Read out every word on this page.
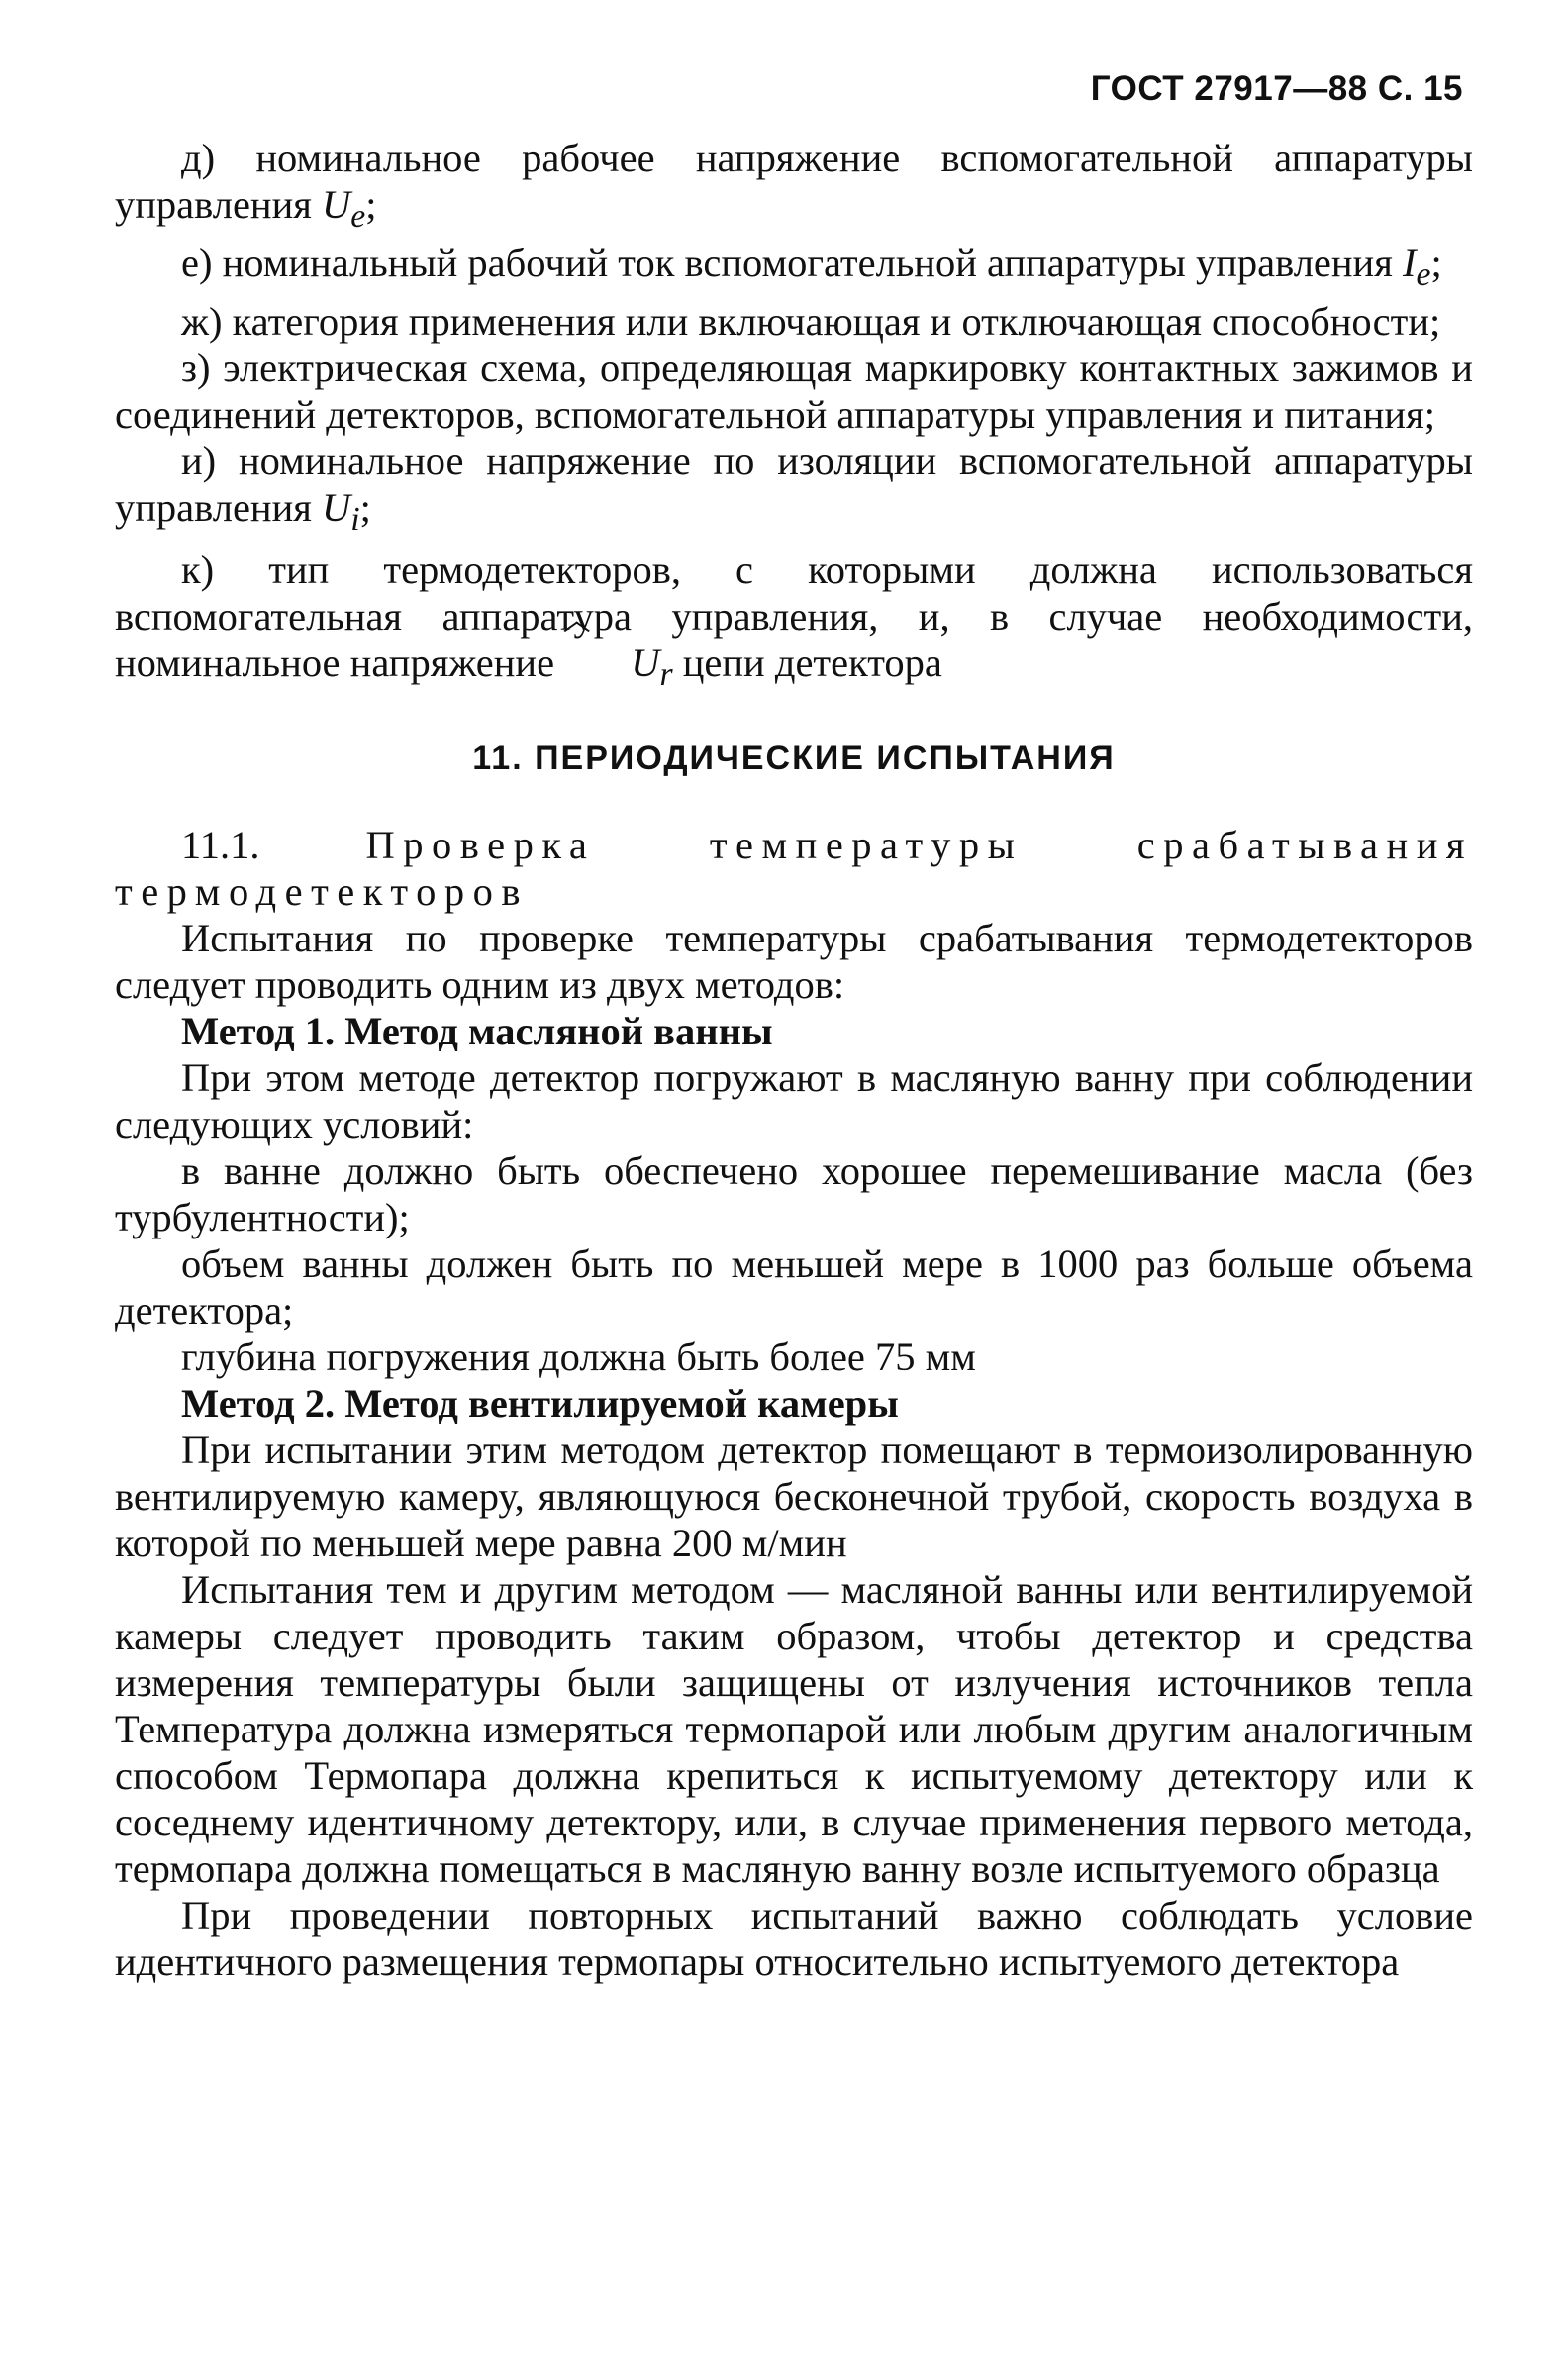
ГОСТ 27917—88 С. 15

д) номинальное рабочее напряжение вспомогательной аппаратуры управления $U_e$;

е) номинальный рабочий ток вспомогательной аппаратуры управления $I_e$;

ж) категория применения или включающая и отключающая способности;

з) электрическая схема, определяющая маркировку контактных зажимов и соединений детекторов, вспомогательной аппаратуры управления и питания;

и) номинальное напряжение по изоляции вспомогательной аппаратуры управления $U_i$;

к) тип термодетекторов, с которыми должна использоваться вспомогательная аппаратура управления, и, в случае необходимости, номинальное напряжение $U_r$ цепи детектора

11. ПЕРИОДИЧЕСКИЕ ИСПЫТАНИЯ

11.1.	Проверка температуры срабатывания термодетекторов

Испытания по проверке температуры срабатывания термодетекторов следует проводить одним из двух методов:

Метод 1. Метод масляной ванны

При этом методе детектор погружают в масляную ванну при соблюдении следующих условий:

в ванне должно быть обеспечено хорошее перемешивание масла (без турбулентности);

объем ванны должен быть по меньшей мере в 1000 раз больше объема детектора;

глубина погружения должна быть более 75 мм

Метод 2. Метод вентилируемой камеры

При испытании этим методом детектор помещают в термоизолированную вентилируемую камеру, являющуюся бесконечной трубой, скорость воздуха в которой по меньшей мере равна 200 м/мин

Испытания тем и другим методом — масляной ванны или вентилируемой камеры следует проводить таким образом, чтобы детектор и средства измерения температуры были защищены от излучения источников тепла Температура должна измеряться термопарой или любым другим аналогичным способом Термопара должна крепиться к испытуемому детектору или к соседнему идентичному детектору, или, в случае применения первого метода, термопара должна помещаться в масляную ванну возле испытуемого образца

При проведении повторных испытаний важно соблюдать условие идентичного размещения термопары относительно испытуемого детектора
